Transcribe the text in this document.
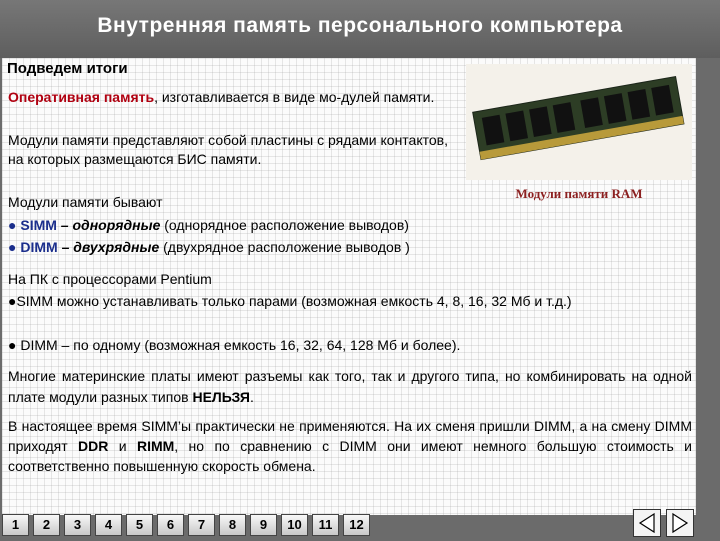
Внутренняя память персонального компьютера
Подведем итоги
Оперативная память, изготавливается в виде мо-дулей памяти.
Модули памяти представляют собой пластины с рядами контактов, на которых размещаются БИС памяти.
Модули памяти бывают
● SIMM – однорядные (однорядное расположение выводов)
● DIMM – двухрядные (двухрядное расположение выводов )
На ПК с процессорами Pentium
●SIMM можно устанавливать только парами (возможная емкость 4, 8, 16, 32 Мб и т.д.)
● DIMM – по одному (возможная емкость 16, 32, 64, 128 Мб и более).
Многие материнские платы имеют разъемы как того, так и другого типа, но комбинировать на одной плате модули разных типов НЕЛЬЗЯ.
В настоящее время SIMM’ы практически не применяются. На их сменя пришли DIMM, а на смену DIMM приходят DDR и RIMM, но по сравнению с DIMM они имеют немного большую стоимость и соответственно повышенную скорость обмена.
Модули памяти RAM
1	2	3	4	5	6	7	8	9	10	11	12
